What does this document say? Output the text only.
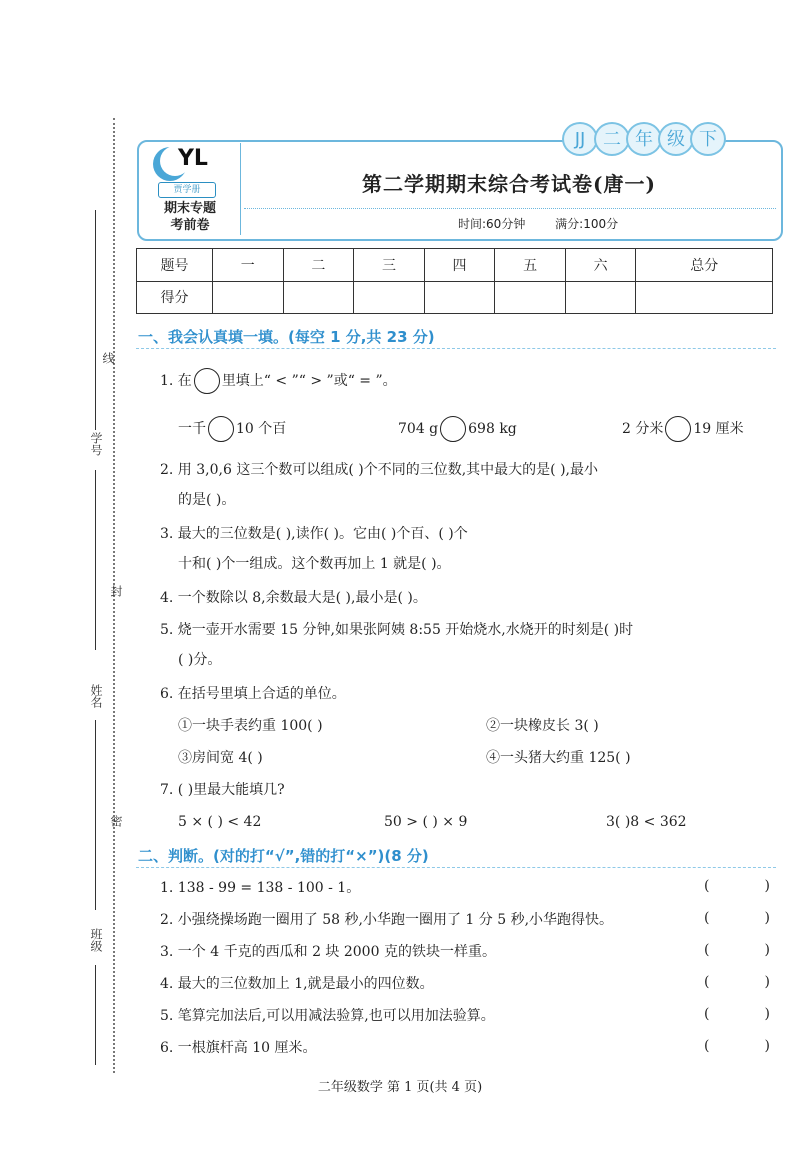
线
学号
封
姓名
密
班级
YL
贾学册
期末专题
考前卷
JJ 二 年 级 下
第二学期期末综合考试卷(唐一)
时间:60分钟 满分:100分
题号	一	二	三	四	五	六	总分
得分							
一、我会认真填一填。(每空 1 分,共 23 分)
1. 在 里填上“ < ”“ > ”或“ = ”。
一千 10 个百	704 g 698 kg	2 分米 19 厘米
2. 用 3,0,6 这三个数可以组成( )个不同的三位数,其中最大的是( ),最小
的是( )。
3. 最大的三位数是( ),读作( )。它由( )个百、( )个
十和( )个一组成。这个数再加上 1 就是( )。
4. 一个数除以 8,余数最大是( ),最小是( )。
5. 烧一壶开水需要 15 分钟,如果张阿姨 8:55 开始烧水,水烧开的时刻是( )时
( )分。
6. 在括号里填上合适的单位。
①一块手表约重 100( )	②一块橡皮长 3( )
③房间宽 4( )	④一头猪大约重 125( )
7. ( )里最大能填几?
5 × ( ) < 42	50 > ( ) × 9	3( )8 < 362
二、判断。(对的打“√”,错的打“×”)(8 分)
1. 138 - 99 = 138 - 100 - 1。	(	)
2. 小强绕操场跑一圈用了 58 秒,小华跑一圈用了 1 分 5 秒,小华跑得快。	(	)
3. 一个 4 千克的西瓜和 2 块 2000 克的铁块一样重。	(	)
4. 最大的三位数加上 1,就是最小的四位数。	(	)
5. 笔算完加法后,可以用减法验算,也可以用加法验算。	(	)
6. 一根旗杆高 10 厘米。	(	)
二年级数学 第 1 页(共 4 页)
